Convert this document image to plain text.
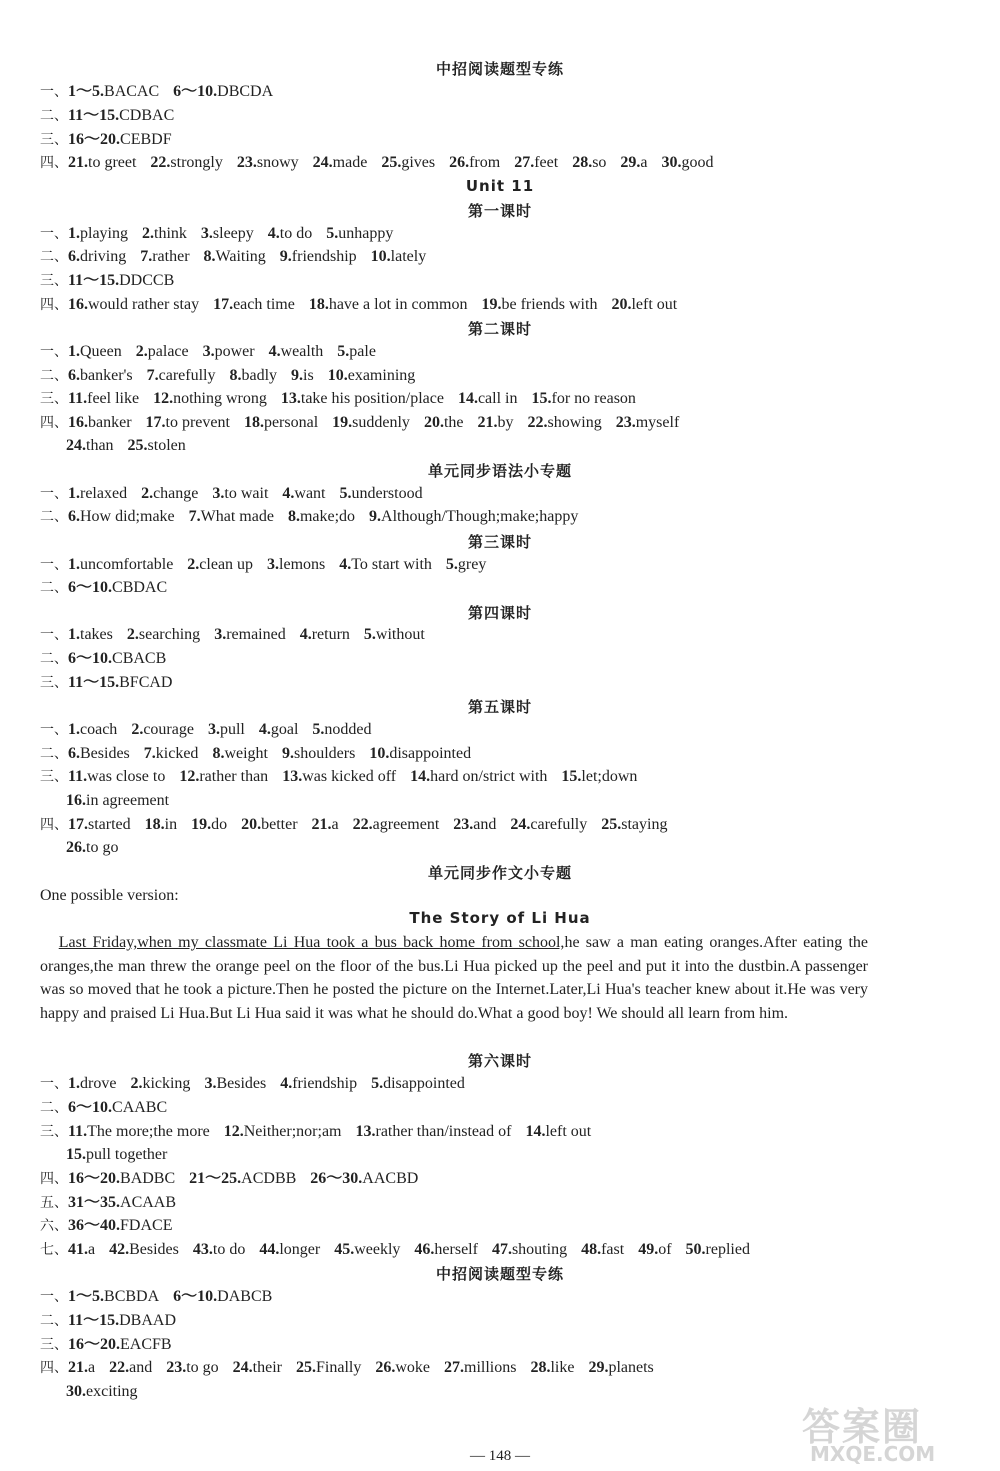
中招阅读题型专练
一、1～5.BACAC 6～10.DBCDA
二、11～15.CDBAC
三、16～20.CEBDF
四、21.to greet 22.strongly 23.snowy 24.made 25.gives 26.from 27.feet 28.so 29.a 30.good
Unit 11
第一课时
一、1.playing 2.think 3.sleepy 4.to do 5.unhappy
二、6.driving 7.rather 8.Waiting 9.friendship 10.lately
三、11～15.DDCCB
四、16.would rather stay 17.each time 18.have a lot in common 19.be friends with 20.left out
第二课时
一、1.Queen 2.palace 3.power 4.wealth 5.pale
二、6.banker's 7.carefully 8.badly 9.is 10.examining
三、11.feel like 12.nothing wrong 13.take his position/place 14.call in 15.for no reason
四、16.banker 17.to prevent 18.personal 19.suddenly 20.the 21.by 22.showing 23.myself
24.than 25.stolen
单元同步语法小专题
一、1.relaxed 2.change 3.to wait 4.want 5.understood
二、6.How did;make 7.What made 8.make;do 9.Although/Though;make;happy
第三课时
一、1.uncomfortable 2.clean up 3.lemons 4.To start with 5.grey
二、6～10.CBDAC
第四课时
一、1.takes 2.searching 3.remained 4.return 5.without
二、6～10.CBACB
三、11～15.BFCAD
第五课时
一、1.coach 2.courage 3.pull 4.goal 5.nodded
二、6.Besides 7.kicked 8.weight 9.shoulders 10.disappointed
三、11.was close to 12.rather than 13.was kicked off 14.hard on/strict with 15.let;down
16.in agreement
四、17.started 18.in 19.do 20.better 21.a 22.agreement 23.and 24.carefully 25.staying
26.to go
单元同步作文小专题
One possible version:
The Story of Li Hua
Last Friday,when my classmate Li Hua took a bus back home from school,he saw a man eating oranges.After eating the oranges,the man threw the orange peel on the floor of the bus.Li Hua picked up the peel and put it into the dustbin.A passenger was so moved that he took a picture.Then he posted the picture on the Internet.Later,Li Hua's teacher knew about it.He was very happy and praised Li Hua.But Li Hua said it was what he should do.What a good boy! We should all learn from him.
第六课时
一、1.drove 2.kicking 3.Besides 4.friendship 5.disappointed
二、6～10.CAABC
三、11.The more;the more 12.Neither;nor;am 13.rather than/instead of 14.left out
15.pull together
四、16～20.BADBC 21～25.ACDBB 26～30.AACBD
五、31～35.ACAAB
六、36～40.FDACE
七、41.a 42.Besides 43.to do 44.longer 45.weekly 46.herself 47.shouting 48.fast 49.of 50.replied
中招阅读题型专练
一、1～5.BCBDA 6～10.DABCB
二、11～15.DBAAD
三、16～20.EACFB
四、21.a 22.and 23.to go 24.their 25.Finally 26.woke 27.millions 28.like 29.planets
30.exciting
— 148 —
答案圈
MXQE.COM
